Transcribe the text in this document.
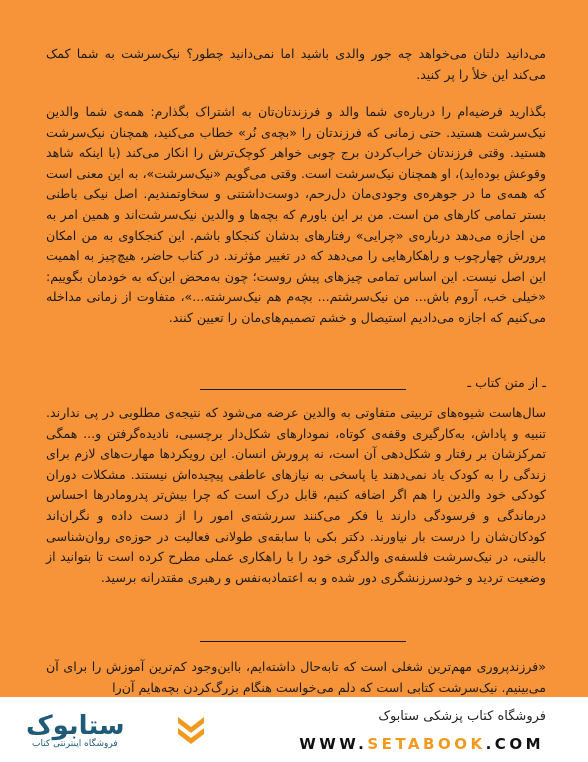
می‌دانید دلتان می‌خواهد چه جور والدی باشید اما نمی‌دانید چطور؟ نیک‌سرشت به شما کمک می‌کند این خلأ را پر کنید.

بگذارید فرضیه‌ام را درباره‌ی شما والد و فرزندتان‌تان به اشتراک بگذارم: همه‌ی شما والدین نیک‌سرشت هستید. حتی زمانی که فرزندتان را «بچه‌ی نُر» خطاب می‌کنید، همچنان نیک‌سرشت هستید. وقتی فرزندتان خراب‌کردن برج چوبی خواهر کوچک‌ترش را انکار می‌کند (با اینکه شاهد وقوعش بوده‌اید)، او همچنان نیک‌سرشت است. وقتی می‌گویم «نیک‌سرشت»، به این معنی است که همه‌ی ما در جوهره‌ی وجودی‌مان دل‌رحم، دوست‌داشتنی و سخاوتمندیم. اصل نیکی باطنی بستر تمامی کارهای من است. من بر این باورم که بچه‌ها و والدین نیک‌سرشت‌اند و همین امر به من اجازه می‌دهد درباره‌ی «چرایی» رفتارهای بدشان کنجکاو باشم. این کنجکاوی به من امکان پرورش چهارچوب و راهکارهایی را می‌دهد که در تغییر مؤثرند. در کتاب حاضر، هیچ‌چیز به اهمیت این اصل نیست. این اساس تمامی چیزهای پیش روست؛ چون به‌محض این‌که به خودمان بگوییم: «خیلی خب، آروم باش... من نیک‌سرشتم... بچه‌م هم نیک‌سرشته...»، متفاوت از زمانی مداخله می‌کنیم که اجازه می‌دادیم استیصال و خشم تصمیم‌های‌مان را تعیین کنند.

ـ از متن کتاب ـ

سال‌هاست شیوه‌های تربیتی متفاوتی به والدین عرضه می‌شود که نتیجه‌ی مطلوبی در پی ندارند. تنبیه و پاداش، به‌کارگیری وقفه‌ی کوتاه، نمودارهای شکل‌دار برچسبی، نادیده‌گرفتن و... همگی تمرکزشان بر رفتار و شکل‌دهی آن است، نه پرورش انسان. این رویکردها مهارت‌های لازم برای زندگی را به کودک یاد نمی‌دهند یا پاسخی به نیازهای عاطفی پیچیده‌اش نیستند. مشکلات دوران کودکی خود والدین را هم اگر اضافه کنیم، قابل درک است که چرا بیش‌تر پدرومادرها احساس درماندگی و فرسودگی دارند یا فکر می‌کنند سررشته‌ی امور را از دست داده و نگران‌اند کودکان‌شان را درست بار نیاورند. دکتر بکی با سابقه‌ی طولانی فعالیت در حوزه‌ی روان‌شناسی بالینی، در نیک‌سرشت فلسفه‌ی والدگری خود را با راهکاری عملی مطرح کرده است تا بتوانید از وضعیت تردید و خودسرزنشگری دور شده و به اعتمادبه‌نفس و رهبری مقتدرانه برسید.

«فرزندپروری مهم‌ترین شغلی است که تابه‌حال داشته‌ایم، با‌این‌وجود کم‌ترین آموزش را برای آن می‌بینیم. نیک‌سرشت کتابی است که دلم می‌خواست هنگام بزرگ‌کردن بچه‌هایم آن‌را

ستابوک
فروشگاه اینترنتی کتاب
فروشگاه کتاب پزشکی ستابوک
WWW.SETABOOK.COM
